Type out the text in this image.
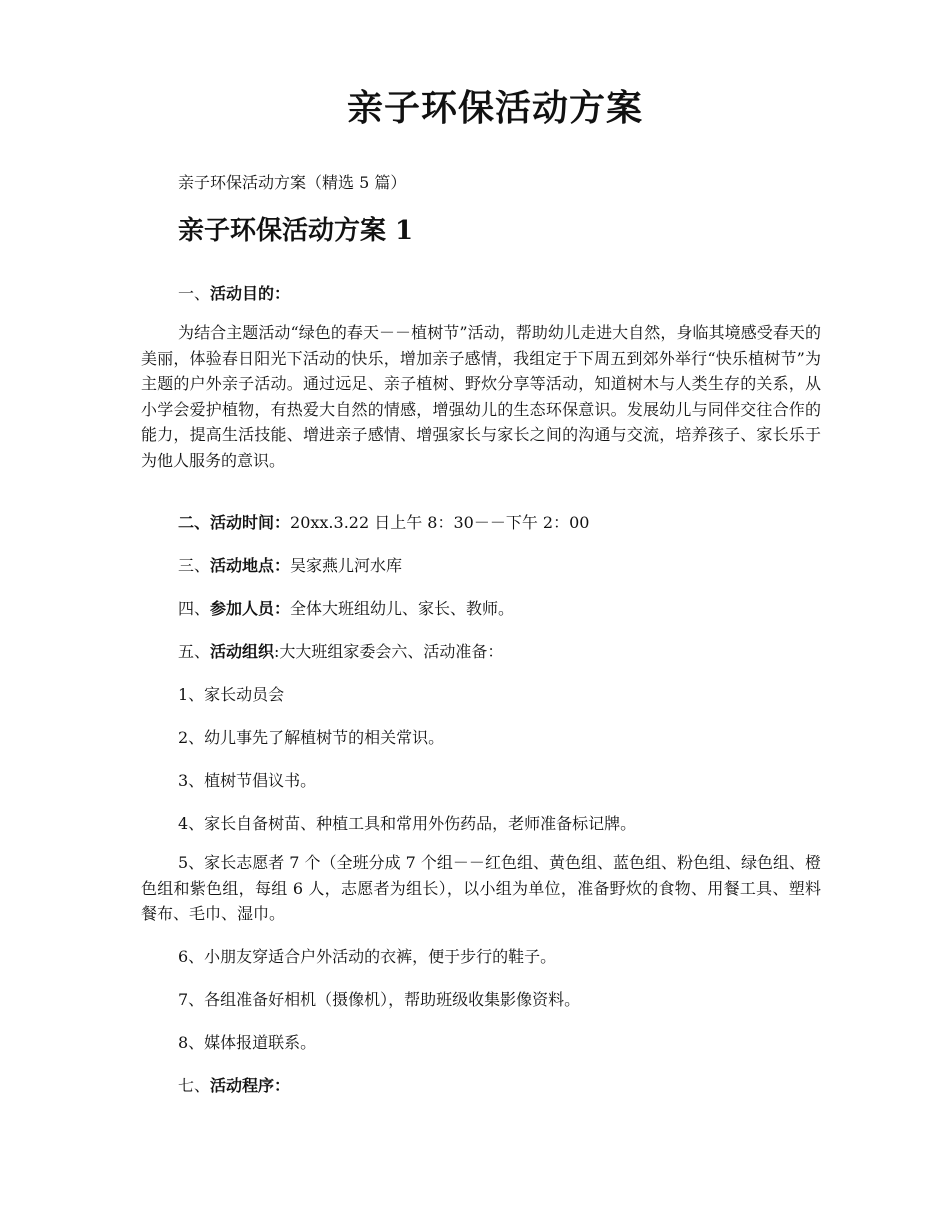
亲子环保活动方案

亲子环保活动方案（精选 5 篇）

亲子环保活动方案 1

一、活动目的：

为结合主题活动“绿色的春天－－植树节”活动，帮助幼儿走进大自然，身临其境感受春天的美丽，体验春日阳光下活动的快乐，增加亲子感情，我组定于下周五到郊外举行“快乐植树节”为主题的户外亲子活动。通过远足、亲子植树、野炊分享等活动，知道树木与人类生存的关系，从小学会爱护植物，有热爱大自然的情感，增强幼儿的生态环保意识。发展幼儿与同伴交往合作的能力，提高生活技能、增进亲子感情、增强家长与家长之间的沟通与交流，培养孩子、家长乐于为他人服务的意识。

二、活动时间：20xx.3.22 日上午 8：30－－下午 2：00

三、活动地点：吴家燕儿河水库

四、参加人员：全体大班组幼儿、家长、教师。

五、活动组织:大大班组家委会六、活动准备：

1、家长动员会

2、幼儿事先了解植树节的相关常识。

3、植树节倡议书。

4、家长自备树苗、种植工具和常用外伤药品，老师准备标记牌。

5、家长志愿者 7 个（全班分成 7 个组－－红色组、黄色组、蓝色组、粉色组、绿色组、橙色组和紫色组，每组 6 人，志愿者为组长），以小组为单位，准备野炊的食物、用餐工具、塑料餐布、毛巾、湿巾。

6、小朋友穿适合户外活动的衣裤，便于步行的鞋子。

7、各组准备好相机（摄像机），帮助班级收集影像资料。

8、媒体报道联系。

七、活动程序：
